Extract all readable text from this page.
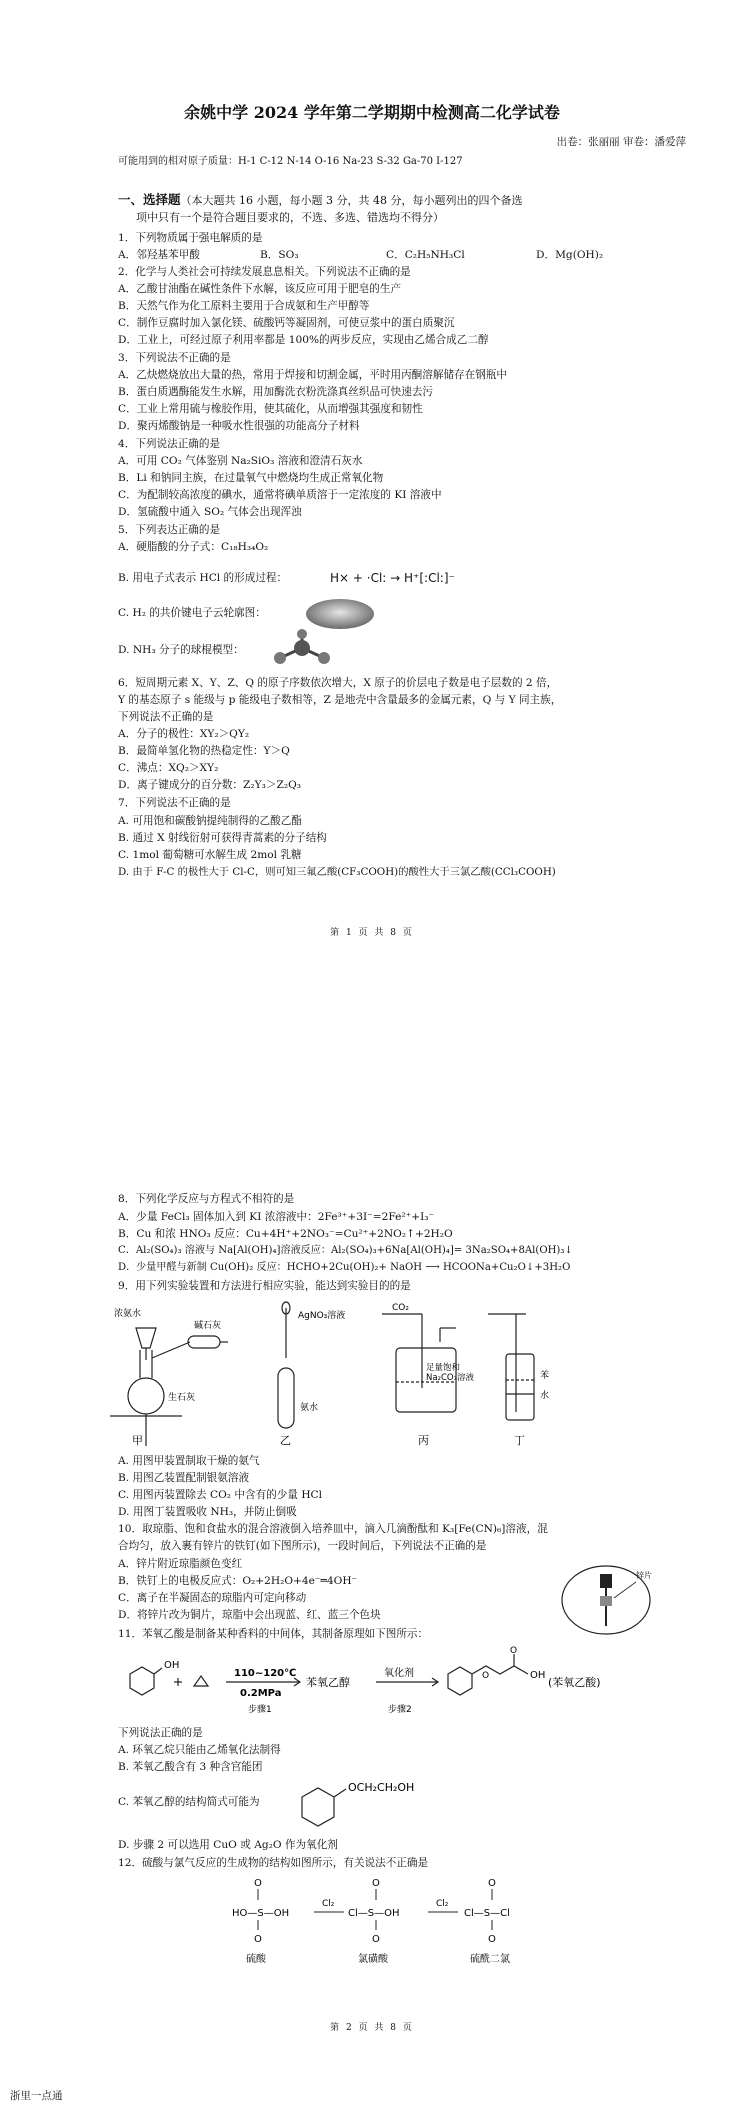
余姚中学 2024 学年第二学期期中检测高二化学试卷
出卷：张丽丽 审卷：潘爱萍
可能用到的相对原子质量：H-1 C-12 N-14 O-16 Na-23 S-32 Ga-70 I-127
一、选择题（本大题共 16 小题，每小题 3 分，共 48 分，每小题列出的四个备选
项中只有一个是符合题目要求的，不选、多选、错选均不得分）
1．下列物质属于强电解质的是
A．邻羟基苯甲酸	B．SO₃	C．C₂H₅NH₃Cl	D．Mg(OH)₂
2．化学与人类社会可持续发展息息相关。下列说法不正确的是
A．乙酸甘油酯在碱性条件下水解，该反应可用于肥皂的生产
B．天然气作为化工原料主要用于合成氨和生产甲醇等
C．制作豆腐时加入氯化镁、硫酸钙等凝固剂，可使豆浆中的蛋白质聚沉
D．工业上，可经过原子利用率都是 100%的两步反应，实现由乙烯合成乙二醇
3．下列说法不正确的是
A．乙炔燃烧放出大量的热，常用于焊接和切割金属，平时用丙酮溶解储存在钢瓶中
B．蛋白质遇酶能发生水解，用加酶洗衣粉洗涤真丝织品可快速去污
C．工业上常用硫与橡胶作用，使其硫化，从而增强其强度和韧性
D．聚丙烯酸钠是一种吸水性很强的功能高分子材料
4．下列说法正确的是
A．可用 CO₂ 气体鉴别 Na₂SiO₃ 溶液和澄清石灰水
B．Li 和钠同主族，在过量氧气中燃烧均生成正常氧化物
C．为配制较高浓度的碘水，通常将碘单质溶于一定浓度的 KI 溶液中
D．氢硫酸中通入 SO₂ 气体会出现浑浊
5．下列表达正确的是
A．硬脂酸的分子式：C₁₈H₃₄O₂
B. 用电子式表示 HCl 的形成过程：	H× + ·Cl: → H⁺[:Cl:]⁻
C. H₂ 的共价键电子云轮廓图：
D. NH₃ 分子的球棍模型：
6．短周期元素 X、Y、Z、Q 的原子序数依次增大，X 原子的价层电子数是电子层数的 2 倍，
Y 的基态原子 s 能级与 p 能级电子数相等，Z 是地壳中含量最多的金属元素，Q 与 Y 同主族，
下列说法不正确的是
A．分子的极性：XY₂＞QY₂
B．最简单氢化物的热稳定性：Y＞Q
C．沸点：XQ₂＞XY₂
D．离子键成分的百分数：Z₂Y₃＞Z₂Q₃
7．下列说法不正确的是
A. 可用饱和碳酸钠提纯制得的乙酸乙酯
B. 通过 X 射线衍射可获得青蒿素的分子结构
C. 1mol 葡萄糖可水解生成 2mol 乳糖
D. 由于 F-C 的极性大于 Cl-C，则可知三氟乙酸(CF₃COOH)的酸性大于三氯乙酸(CCl₃COOH)
第 1 页 共 8 页
8．下列化学反应与方程式不相符的是
A．少量 FeCl₃ 固体加入到 KI 浓溶液中：2Fe³⁺+3I⁻=2Fe²⁺+I₃⁻
B．Cu 和浓 HNO₃ 反应：Cu+4H⁺+2NO₃⁻=Cu²⁺+2NO₂↑+2H₂O
C．Al₂(SO₄)₃ 溶液与 Na[Al(OH)₄]溶液反应：Al₂(SO₄)₃+6Na[Al(OH)₄]= 3Na₂SO₄+8Al(OH)₃↓
D．少量甲醛与新制 Cu(OH)₂ 反应：HCHO+2Cu(OH)₂+ NaOH ⟶ HCOONa+Cu₂O↓+3H₂O
9．用下列实验装置和方法进行相应实验，能达到实验目的的是
浓氨水
碱石灰
生石灰
AgNO₃溶液
氨水
CO₂
足量饱和
Na₂CO₃溶液	苯
水
甲	乙	丙	丁
A. 用图甲装置制取干燥的氨气
B. 用图乙装置配制银氨溶液
C. 用图丙装置除去 CO₂ 中含有的少量 HCl
D. 用图丁装置吸收 NH₃，并防止倒吸
10．取琼脂、饱和食盐水的混合溶液倒入培养皿中，滴入几滴酚酞和 K₃[Fe(CN)₆]溶液，混
合均匀，放入裹有锌片的铁钉(如下图所示)，一段时间后，下列说法不正确的是
A．锌片附近琼脂颜色变红
B．铁钉上的电极反应式：O₂+2H₂O+4e⁻═4OH⁻
C．离子在半凝固态的琼脂内可定向移动
D．将锌片改为铜片，琼脂中会出现蓝、红、蓝三个色块
锌片
11．苯氧乙酸是制备某种香料的中间体，其制备原理如下图所示：
OH
110~120℃
0.2MPa
苯氧乙醇
氧化剂
步骤1	步骤2
O
O
OH
(苯氧乙酸)
下列说法正确的是
A. 环氧乙烷只能由乙烯氧化法制得
B. 苯氧乙酸含有 3 种含官能团
C. 苯氧乙醇的结构简式可能为
OCH₂CH₂OH
D. 步骤 2 可以选用 CuO 或 Ag₂O 作为氧化剂
12．硫酸与氯气反应的生成物的结构如图所示，有关说法不正确是
O
HO—S—OH
O
Cl₂
O
Cl—S—OH
O
Cl₂
O
Cl—S—Cl
O
硫酸	氯磺酸	硫酰二氯
第 2 页 共 8 页
浙里一点通
